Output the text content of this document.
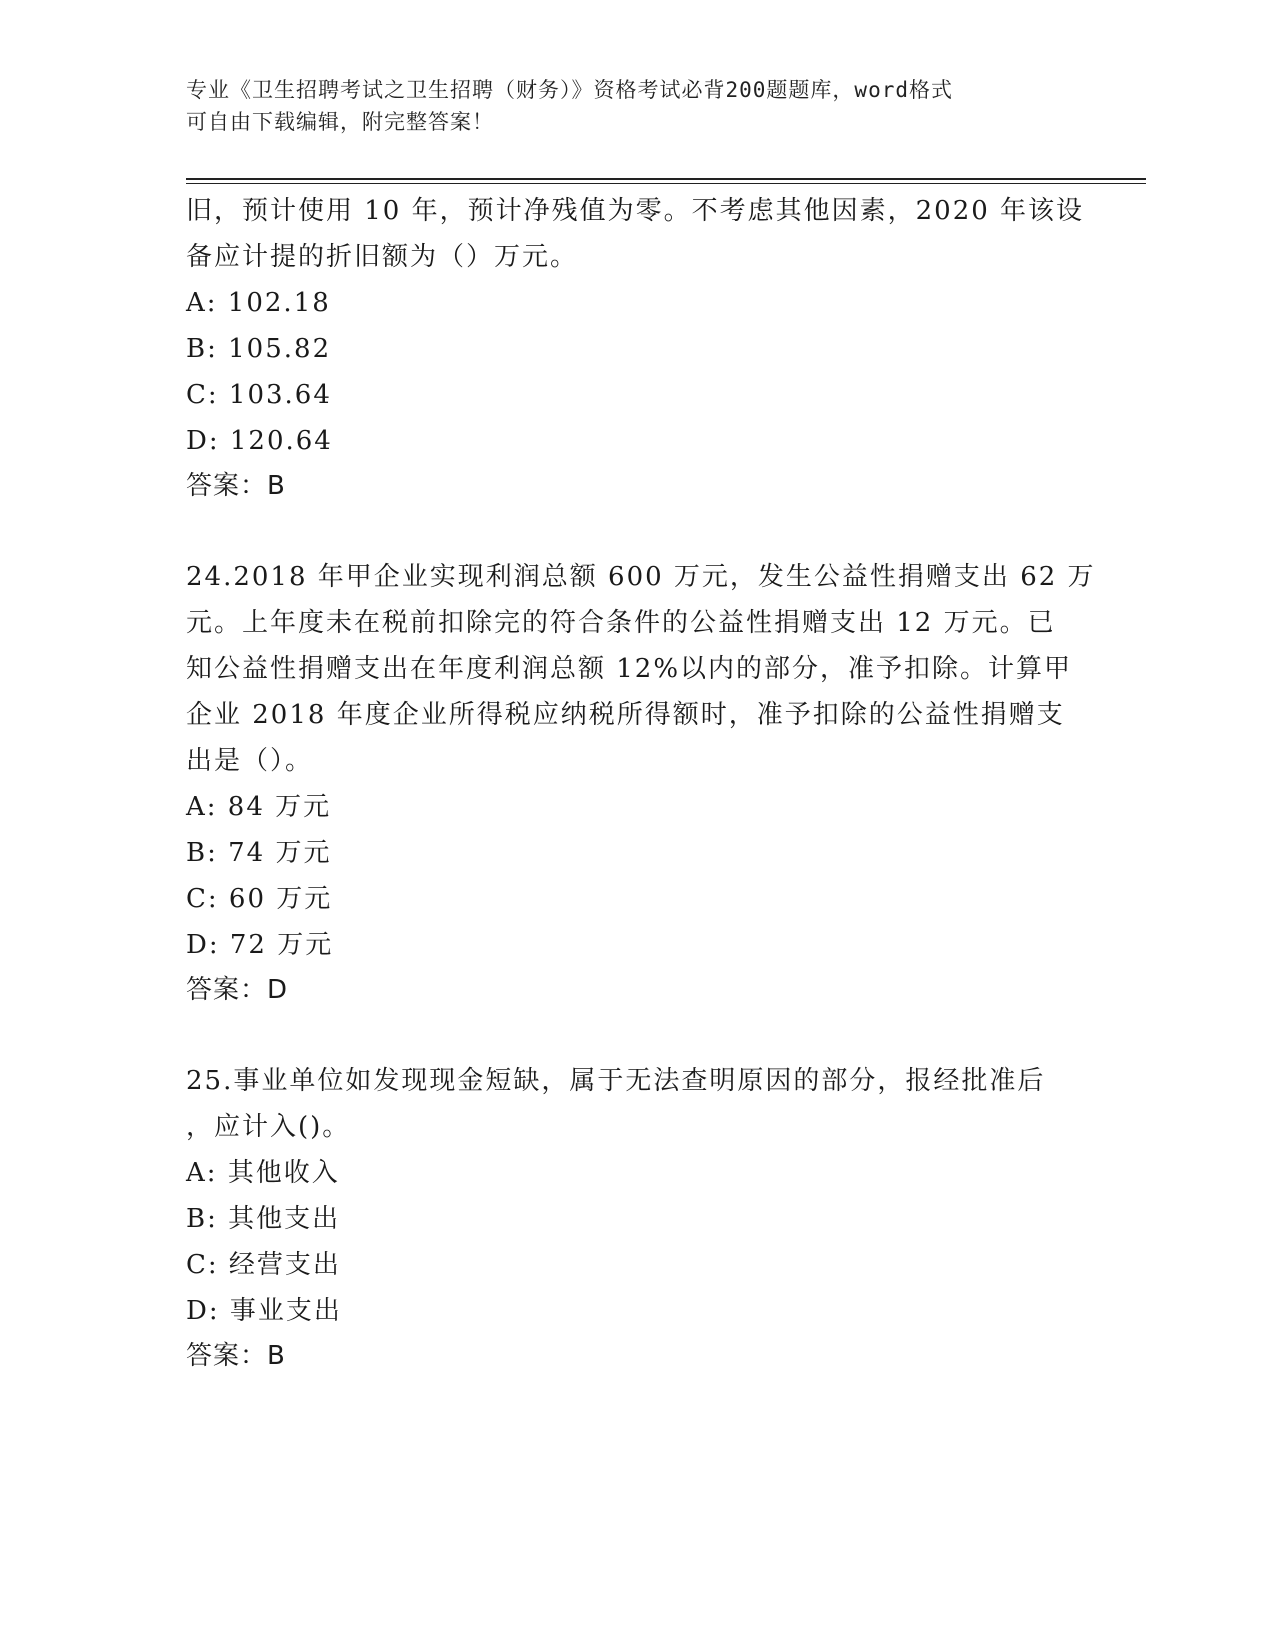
专业《卫生招聘考试之卫生招聘（财务）》资格考试必背200题题库，word格式
可自由下载编辑，附完整答案！
旧，预计使用 10 年，预计净残值为零。不考虑其他因素，2020 年该设
备应计提的折旧额为（）万元。
A: 102.18
B: 105.82
C: 103.64
D: 120.64
答案：B
24.2018 年甲企业实现利润总额 600 万元，发生公益性捐赠支出 62 万
元。上年度未在税前扣除完的符合条件的公益性捐赠支出 12 万元。已
知公益性捐赠支出在年度利润总额 12%以内的部分，准予扣除。计算甲
企业 2018 年度企业所得税应纳税所得额时，准予扣除的公益性捐赠支
出是（）。
A: 84 万元
B: 74 万元
C: 60 万元
D: 72 万元
答案：D
25.事业单位如发现现金短缺，属于无法查明原因的部分，报经批准后
，应计入()。
A: 其他收入
B: 其他支出
C: 经营支出
D: 事业支出
答案：B
